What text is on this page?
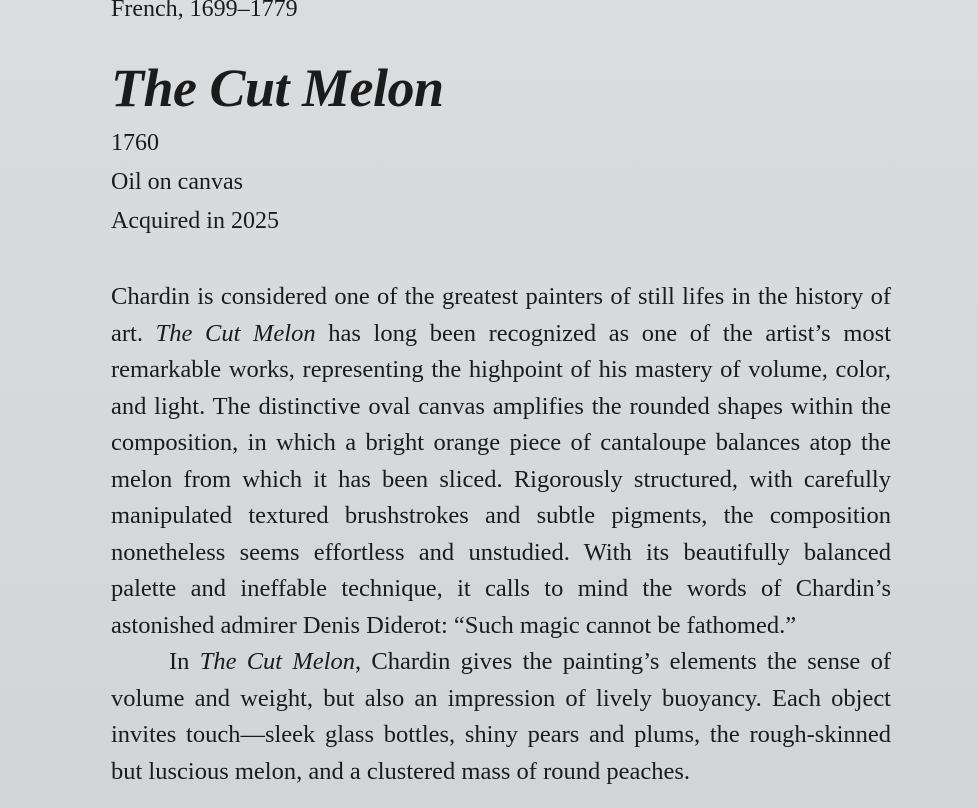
French, 1699–1779

The Cut Melon

1760

Oil on canvas

Acquired in 2025

Chardin is considered one of the greatest painters of still lifes in the history of art. The Cut Melon has long been recognized as one of the artist’s most remarkable works, representing the highpoint of his mastery of volume, color, and light. The distinctive oval canvas amplifies the rounded shapes within the composition, in which a bright orange piece of cantaloupe balances atop the melon from which it has been sliced. Rigorously structured, with carefully manipulated textured brushstrokes and subtle pigments, the composition nonetheless seems effortless and unstudied. With its beautifully balanced palette and ineffable technique, it calls to mind the words of Chardin’s astonished admirer Denis Diderot: “Such magic cannot be fathomed.”

In The Cut Melon, Chardin gives the painting’s elements the sense of volume and weight, but also an impression of lively buoyancy. Each object invites touch—sleek glass bottles, shiny pears and plums, the rough-skinned but luscious melon, and a clustered mass of round peaches.
